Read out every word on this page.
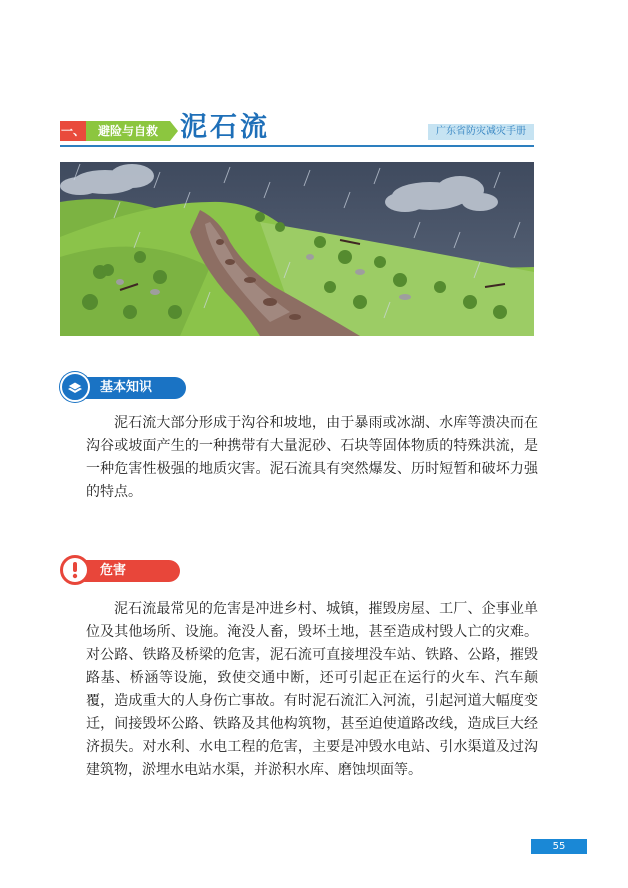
一、	避险与自救 泥石流	广东省防灾减灾手册
基本知识

泥石流大部分形成于沟谷和坡地，由于暴雨或冰湖、水库等溃决而在沟谷或坡面产生的一种携带有大量泥砂、石块等固体物质的特殊洪流，是一种危害性极强的地质灾害。泥石流具有突然爆发、历时短暂和破坏力强的特点。

危害

泥石流最常见的危害是冲进乡村、城镇，摧毁房屋、工厂、企事业单位及其他场所、设施。淹没人畜，毁坏土地，甚至造成村毁人亡的灾难。对公路、铁路及桥梁的危害，泥石流可直接埋没车站、铁路、公路，摧毁路基、桥涵等设施，致使交通中断，还可引起正在运行的火车、汽车颠覆，造成重大的人身伤亡事故。有时泥石流汇入河流，引起河道大幅度变迁，间接毁坏公路、铁路及其他构筑物，甚至迫使道路改线，造成巨大经济损失。对水利、水电工程的危害，主要是冲毁水电站、引水渠道及过沟建筑物，淤埋水电站水渠，并淤积水库、磨蚀坝面等。

55
